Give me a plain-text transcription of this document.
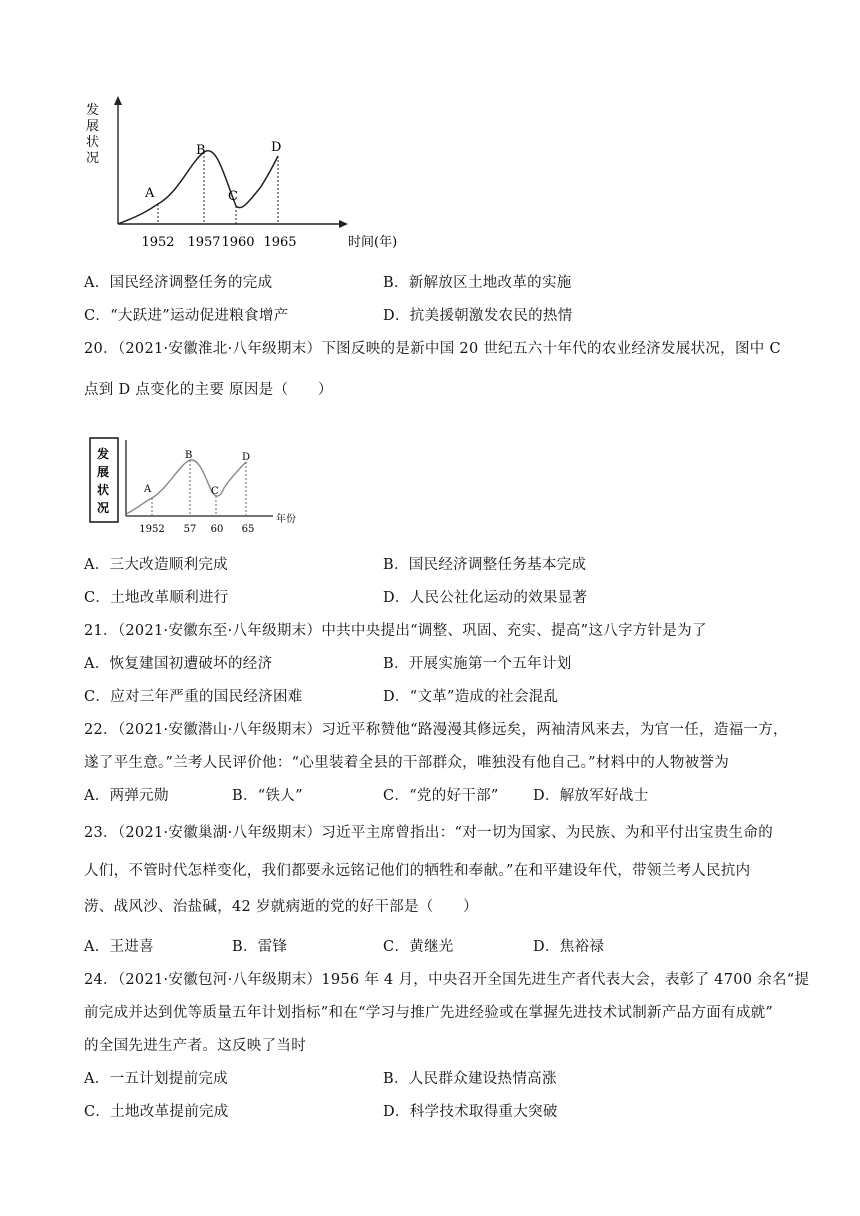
发
展
状
况
A
B
C
D
1952 1957 1960 1965	时间(年)
A．国民经济调整任务的完成	B．新解放区土地改革的实施
C．“大跃进”运动促进粮食增产	D．抗美援朝激发农民的热情
20．（2021·安徽淮北·八年级期末）下图反映的是新中国 20 世纪五六十年代的农业经济发展状况，图中 C
点到 D 点变化的主要 原因是（　　）
发
展
状
况
A
B
C
D
1952 57 60 65
年份
A．三大改造顺利完成	B．国民经济调整任务基本完成
C．土地改革顺利进行	D．人民公社化运动的效果显著
21．（2021·安徽东至·八年级期末）中共中央提出“调整、巩固、充实、提高”这八字方针是为了
A．恢复建国初遭破坏的经济	B．开展实施第一个五年计划
C．应对三年严重的国民经济困难	D．“文革”造成的社会混乱
22．（2021·安徽潜山·八年级期末）习近平称赞他“路漫漫其修远矣，两袖清风来去，为官一任，造福一方，
遂了平生意。”兰考人民评价他：“心里装着全县的干部群众，唯独没有他自己。”材料中的人物被誉为
A．两弹元勋	B．“铁人”	C．“党的好干部” D．解放军好战士
23．（2021·安徽巢湖·八年级期末）习近平主席曾指出：“对一切为国家、为民族、为和平付出宝贵生命的
人们，不管时代怎样变化，我们都要永远铭记他们的牺牲和奉献。”在和平建设年代，带领兰考人民抗内
涝、战风沙、治盐碱，42 岁就病逝的党的好干部是（　　）
A．王进喜	B．雷锋	C．黄继光	D．焦裕禄
24．（2021·安徽包河·八年级期末）1956 年 4 月，中央召开全国先进生产者代表大会，表彰了 4700 余名“提
前完成并达到优等质量五年计划指标”和在“学习与推广先进经验或在掌握先进技术试制新产品方面有成就”
的全国先进生产者。这反映了当时
A．一五计划提前完成	B．人民群众建设热情高涨
C．土地改革提前完成	D．科学技术取得重大突破
